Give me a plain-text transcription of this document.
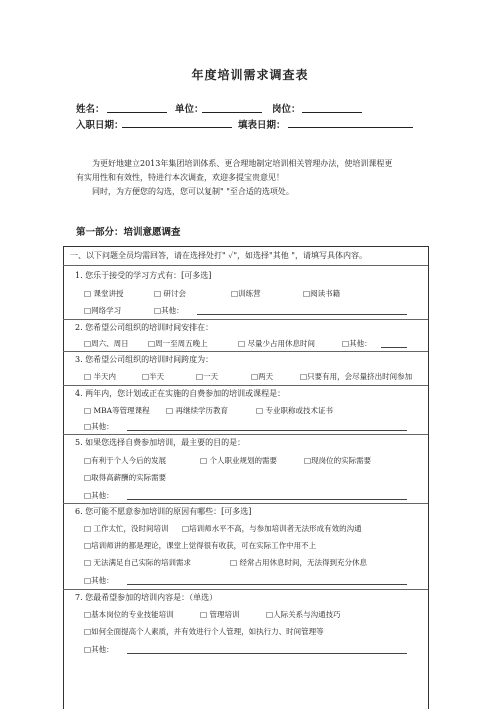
年度培训需求调查表
姓名：	单位：	岗位：
入职日期：	填表日期：
为更好地建立2013年集团培训体系、更合理地制定培训相关管理办法，使培训课程更
有实用性和有效性，特进行本次调查，欢迎多提宝贵意见！
同时，为方便您的勾选，您可以复制" "至合适的选项处。
第一部分：培训意愿调查
一、以下问题全员均需回答，请在选择处打" ✓"，如选择"其他 "，请填写具体内容。
1. 您乐于接受的学习方式有：[可多选]
□ 课堂讲授	□ 研讨会	□训练营	□阅读书籍
□网络学习	□其他：
2. 您希望公司组织的培训时间安排在：
□周六、周日	□周一至周五晚上	□ 尽量少占用休息时间	□其他：
3. 您希望公司组织的培训时间跨度为：
□ 半天内	□半天	□一天	□两天	□只要有用，会尽量挤出时间参加
4. 两年内，您计划或正在实施的自费参加的培训或课程是：
□ MBA等管理课程 □ 再继续学历教育	□ 专业职称或技术证书
□其他：
5. 如果您选择自费参加培训，最主要的目的是：
□有利于个人今后的发展	□ 个人职业规划的需要	□现岗位的实际需要
□取得高薪酬的实际需要
□其他：
6. 您可能不愿意参加培训的原因有哪些：[可多选]
□ 工作太忙，没时间培训 □培训师水平不高，与参加培训者无法形成有效的沟通
□培训师讲的都是理论，课堂上觉得很有收获，可在实际工作中用不上
□ 无法满足自己实际的培训需求	□ 经常占用休息时间，无法得到充分休息
□其他：
7. 您最希望参加的培训内容是：（单选）
□基本岗位的专业技能培训	□ 管理培训	□人际关系与沟通技巧
□如何全面提高个人素质，并有效进行个人管理，如执行力、时间管理等
□其他：
